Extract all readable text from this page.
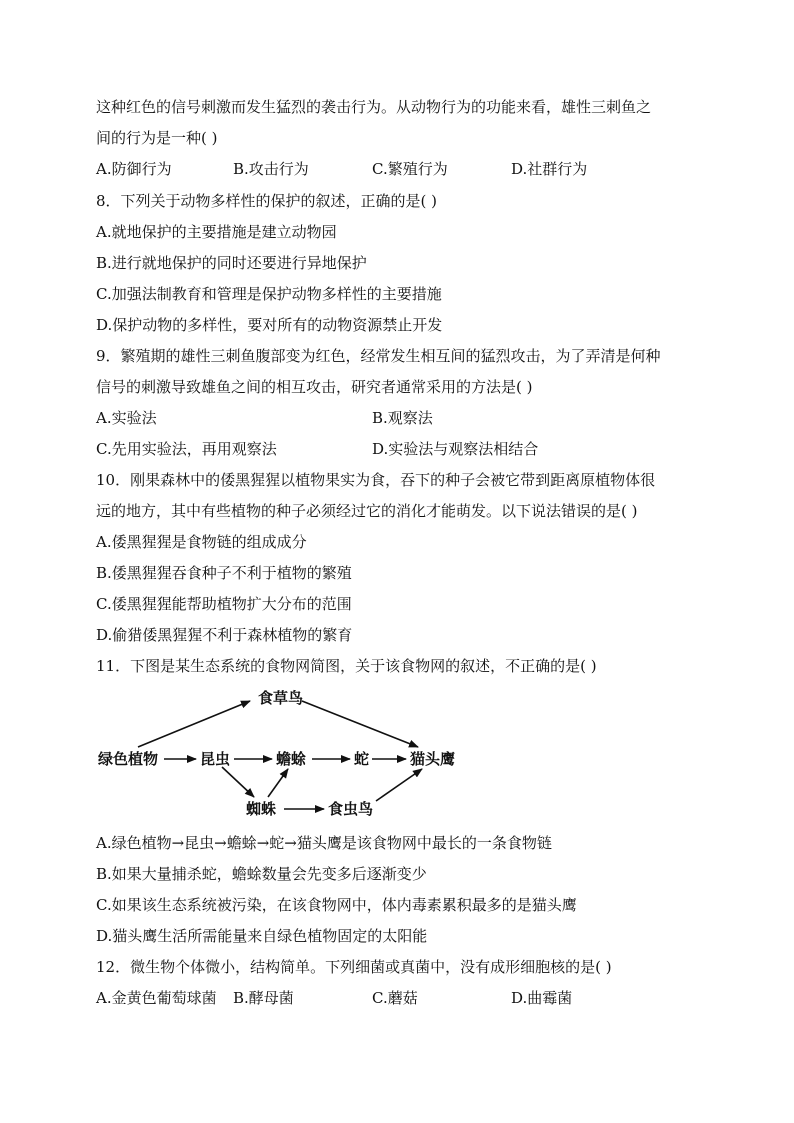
这种红色的信号刺激而发生猛烈的袭击行为。从动物行为的功能来看，雄性三刺鱼之
间的行为是一种( )
A.防御行为	B.攻击行为	C.繁殖行为	D.社群行为
8．下列关于动物多样性的保护的叙述，正确的是( )
A.就地保护的主要措施是建立动物园
B.进行就地保护的同时还要进行异地保护
C.加强法制教育和管理是保护动物多样性的主要措施
D.保护动物的多样性，要对所有的动物资源禁止开发
9．繁殖期的雄性三刺鱼腹部变为红色，经常发生相互间的猛烈攻击，为了弄清是何种
信号的刺激导致雄鱼之间的相互攻击，研究者通常采用的方法是( )
A.实验法	B.观察法
C.先用实验法，再用观察法	D.实验法与观察法相结合
10．刚果森林中的倭黑猩猩以植物果实为食，吞下的种子会被它带到距离原植物体很
远的地方，其中有些植物的种子必须经过它的消化才能萌发。以下说法错误的是( )
A.倭黑猩猩是食物链的组成成分
B.倭黑猩猩吞食种子不利于植物的繁殖
C.倭黑猩猩能帮助植物扩大分布的范围
D.偷猎倭黑猩猩不利于森林植物的繁育
11．下图是某生态系统的食物网简图，关于该食物网的叙述，不正确的是( )
食草鸟
绿色植物	昆虫	蟾蜍	蛇	猫头鹰
蜘蛛	食虫鸟
A.绿色植物→昆虫→蟾蜍→蛇→猫头鹰是该食物网中最长的一条食物链
B.如果大量捕杀蛇，蟾蜍数量会先变多后逐渐变少
C.如果该生态系统被污染，在该食物网中，体内毒素累积最多的是猫头鹰
D.猫头鹰生活所需能量来自绿色植物固定的太阳能
12．微生物个体微小，结构简单。下列细菌或真菌中，没有成形细胞核的是( )
A.金黄色葡萄球菌 B.酵母菌	C.蘑菇	D.曲霉菌
